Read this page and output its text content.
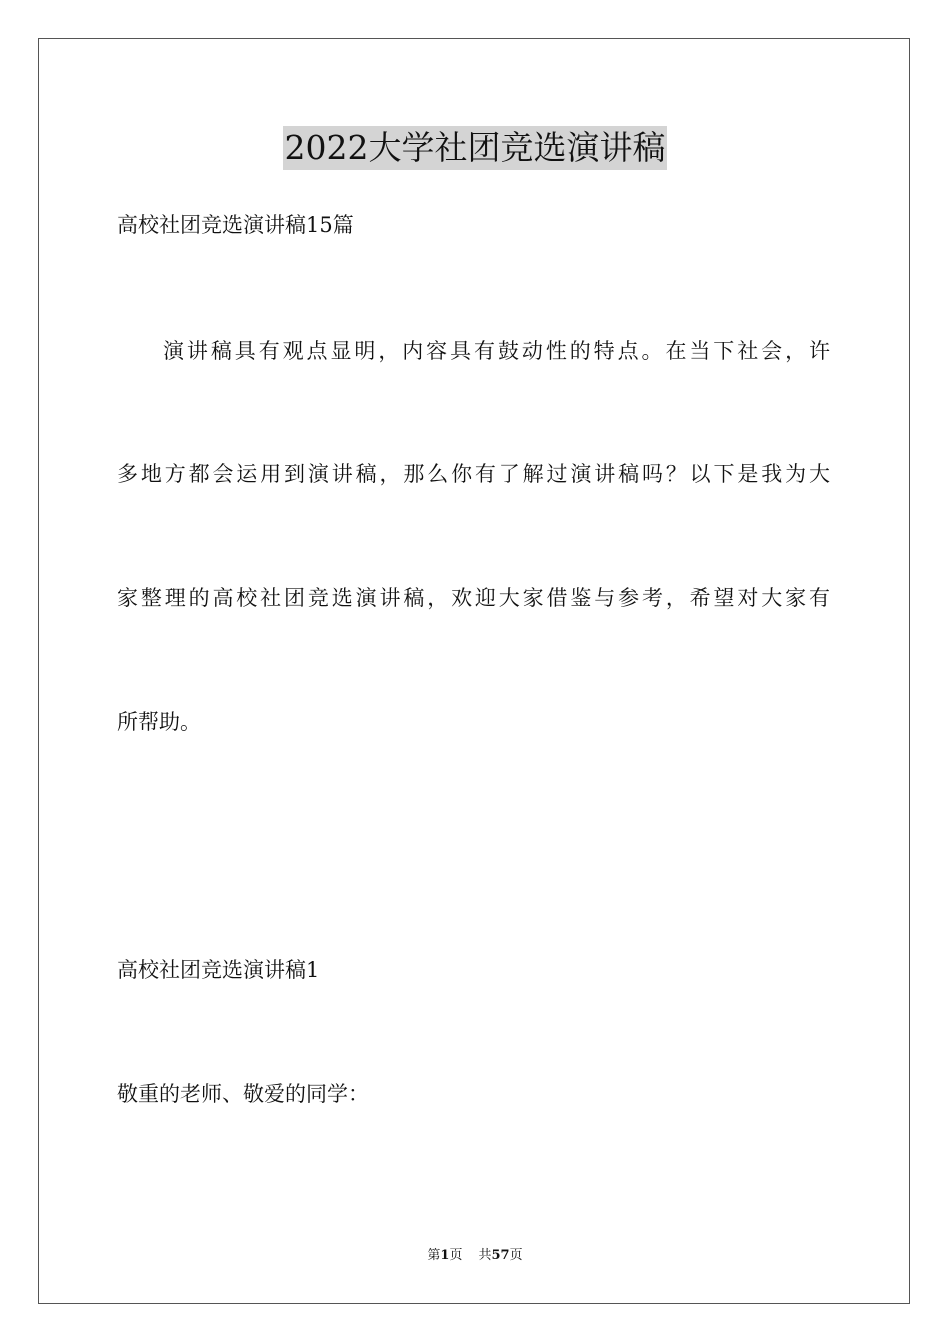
2022大学社团竞选演讲稿
高校社团竞选演讲稿15篇
演讲稿具有观点显明，内容具有鼓动性的特点。在当下社会，许
多地方都会运用到演讲稿，那么你有了解过演讲稿吗？以下是我为大
家整理的高校社团竞选演讲稿，欢迎大家借鉴与参考，希望对大家有
所帮助。
高校社团竞选演讲稿1
敬重的老师、敬爱的同学：
第1页 共57页
